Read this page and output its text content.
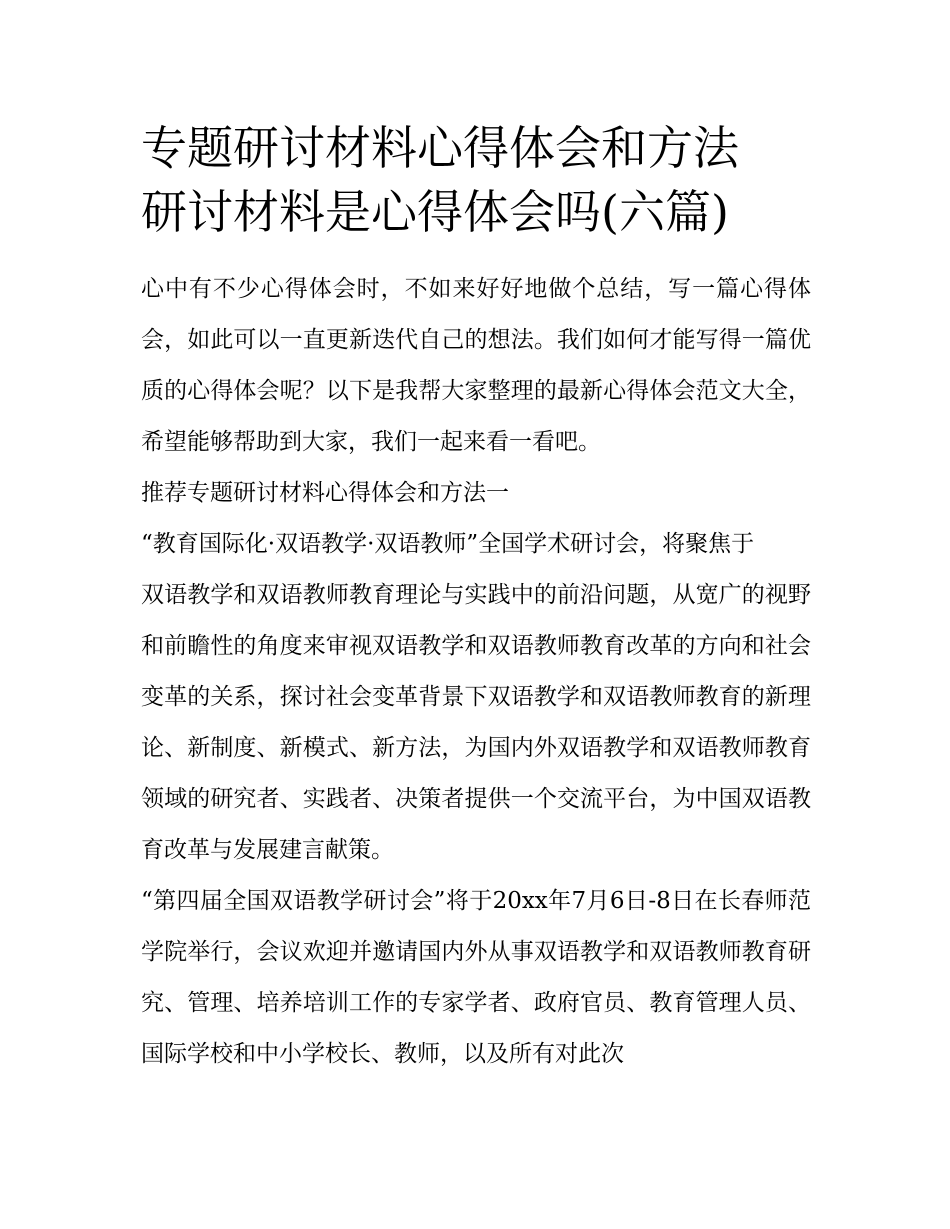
专题研讨材料心得体会和方法
研讨材料是心得体会吗(六篇)

心中有不少心得体会时，不如来好好地做个总结，写一篇心得体会，如此可以一直更新迭代自己的想法。我们如何才能写得一篇优质的心得体会呢？以下是我帮大家整理的最新心得体会范文大全，希望能够帮助到大家，我们一起来看一看吧。

推荐专题研讨材料心得体会和方法一

“教育国际化·双语教学·双语教师”全国学术研讨会，将聚焦于

双语教学和双语教师教育理论与实践中的前沿问题，从宽广的视野和前瞻性的角度来审视双语教学和双语教师教育改革的方向和社会变革的关系，探讨社会变革背景下双语教学和双语教师教育的新理论、新制度、新模式、新方法，为国内外双语教学和双语教师教育领域的研究者、实践者、决策者提供一个交流平台，为中国双语教育改革与发展建言献策。

“第四届全国双语教学研讨会”将于20xx年7月6日-8日在长春师范学院举行，会议欢迎并邀请国内外从事双语教学和双语教师教育研究、管理、培养培训工作的专家学者、政府官员、教育管理人员、国际学校和中小学校长、教师，以及所有对此次
